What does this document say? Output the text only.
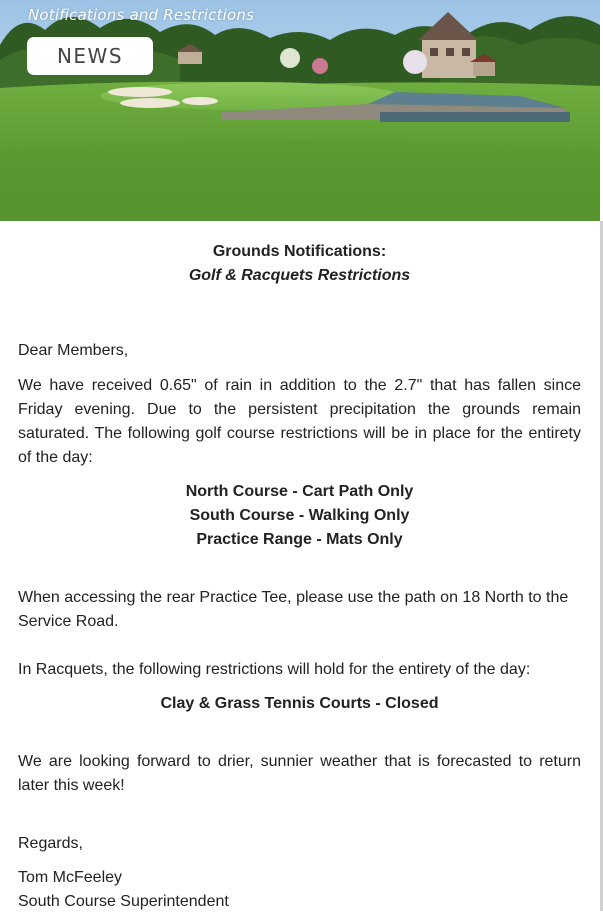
Notifications and Restrictions
NEWS
Grounds Notifications:
Golf & Racquets Restrictions

Dear Members,

We have received 0.65" of rain in addition to the 2.7" that has fallen since Friday evening. Due to the persistent precipitation the grounds remain saturated. The following golf course restrictions will be in place for the entirety of the day:

North Course - Cart Path Only

South Course - Walking Only

Practice Range - Mats Only

When accessing the rear Practice Tee, please use the path on 18 North to the Service Road.

In Racquets, the following restrictions will hold for the entirety of the day:

Clay & Grass Tennis Courts - Closed

We are looking forward to drier, sunnier weather that is forecasted to return later this week!

Regards,

Tom McFeeley

South Course Superintendent
